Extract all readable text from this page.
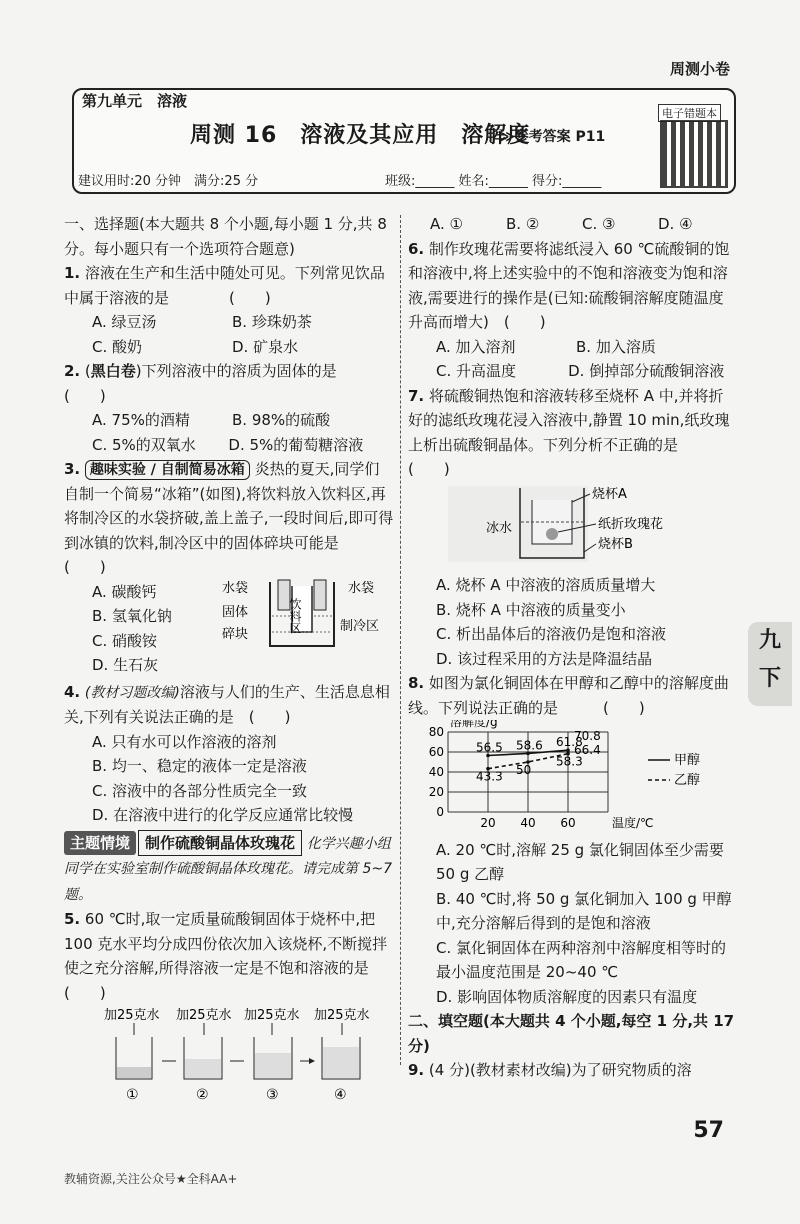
周测小卷
第九单元　溶液
周测 16　溶液及其应用　溶解度
≫参考答案 P11
电子错题本
建议用时:20 分钟　满分:25 分	班级:______ 姓名:______ 得分:______

一、选择题(本大题共 8 个小题,每小题 1 分,共 8 分。每小题只有一个选项符合题意)

1. 溶液在生产和生活中随处可见。下列常见饮品中属于溶液的是　　　　(　　)

A. 绿豆汤	B. 珍珠奶茶
C. 酸奶	D. 矿泉水

2. (黑白卷)下列溶液中的溶质为固体的是　　　　　　　　(　　)

A. 75%的酒精	B. 98%的硫酸
C. 5%的双氧水	D. 5%的葡萄糖溶液

3. 趣味实验 / 自制简易冰箱 炎热的夏天,同学们自制一个简易“冰箱”(如图),将饮料放入饮料区,再将制冷区的水袋挤破,盖上盖子,一段时间后,即可得到冰镇的饮料,制冷区中的固体碎块可能是　　(　　)

A. 碳酸钙
B. 氢氧化钠
C. 硝酸铵
D. 生石灰
水袋	水袋
固体
碎块
饮料区	制冷区

4. (教材习题改编)溶液与人们的生产、生活息息相关,下列有关说法正确的是　(　　)

A. 只有水可以作溶液的溶剂
B. 均一、稳定的液体一定是溶液
C. 溶液中的各部分性质完全一致
D. 在溶液中进行的化学反应通常比较慢

主题情境 制作硫酸铜晶体玫瑰花 化学兴趣小组同学在实验室制作硫酸铜晶体玫瑰花。请完成第 5~7 题。

5. 60 ℃时,取一定质量硫酸铜固体于烧杯中,把 100 克水平均分成四份依次加入该烧杯,不断搅拌使之充分溶解,所得溶液一定是不饱和溶液的是　　　　　　(　　)

加25克水 加25克水 加25克水 加25克水
①	②	③	④
A. ①	B. ②	C. ③	D. ④

6. 制作玫瑰花需要将滤纸浸入 60 ℃硫酸铜的饱和溶液中,将上述实验中的不饱和溶液变为饱和溶液,需要进行的操作是(已知:硫酸铜溶解度随温度升高而增大)　(　　)

A. 加入溶剂	B. 加入溶质
C. 升高温度	D. 倒掉部分硫酸铜溶液

7. 将硫酸铜热饱和溶液转移至烧杯 A 中,并将折好的滤纸玫瑰花浸入溶液中,静置 10 min,纸玫瑰上析出硫酸铜晶体。下列分析不正确的是　　　　　　　(　　)

烧杯A
冰水	纸折玫瑰花
烧杯B
A. 烧杯 A 中溶液的溶质质量增大
B. 烧杯 A 中溶液的质量变小
C. 析出晶体后的溶液仍是饱和溶液
D. 该过程采用的方法是降温结晶

8. 如图为氯化铜固体在甲醇和乙醇中的溶解度曲线。下列说法正确的是　　　(　　)

0
20
40
60
80
20 40 60
溶解度/g
温度/℃
56.5 58.6 61.8
甲醇
43.3 50
58.3
乙醇
70.8
66.4
A. 20 ℃时,溶解 25 g 氯化铜固体至少需要 50 g 乙醇
B. 40 ℃时,将 50 g 氯化铜加入 100 g 甲醇中,充分溶解后得到的是饱和溶液
C. 氯化铜固体在两种溶剂中溶解度相等时的最小温度范围是 20~40 ℃
D. 影响固体物质溶解度的因素只有温度

二、填空题(本大题共 4 个小题,每空 1 分,共 17 分)

9. (4 分)(教材素材改编)为了研究物质的溶

九
下
57
教辅资源,关注公众号★全科AA+
